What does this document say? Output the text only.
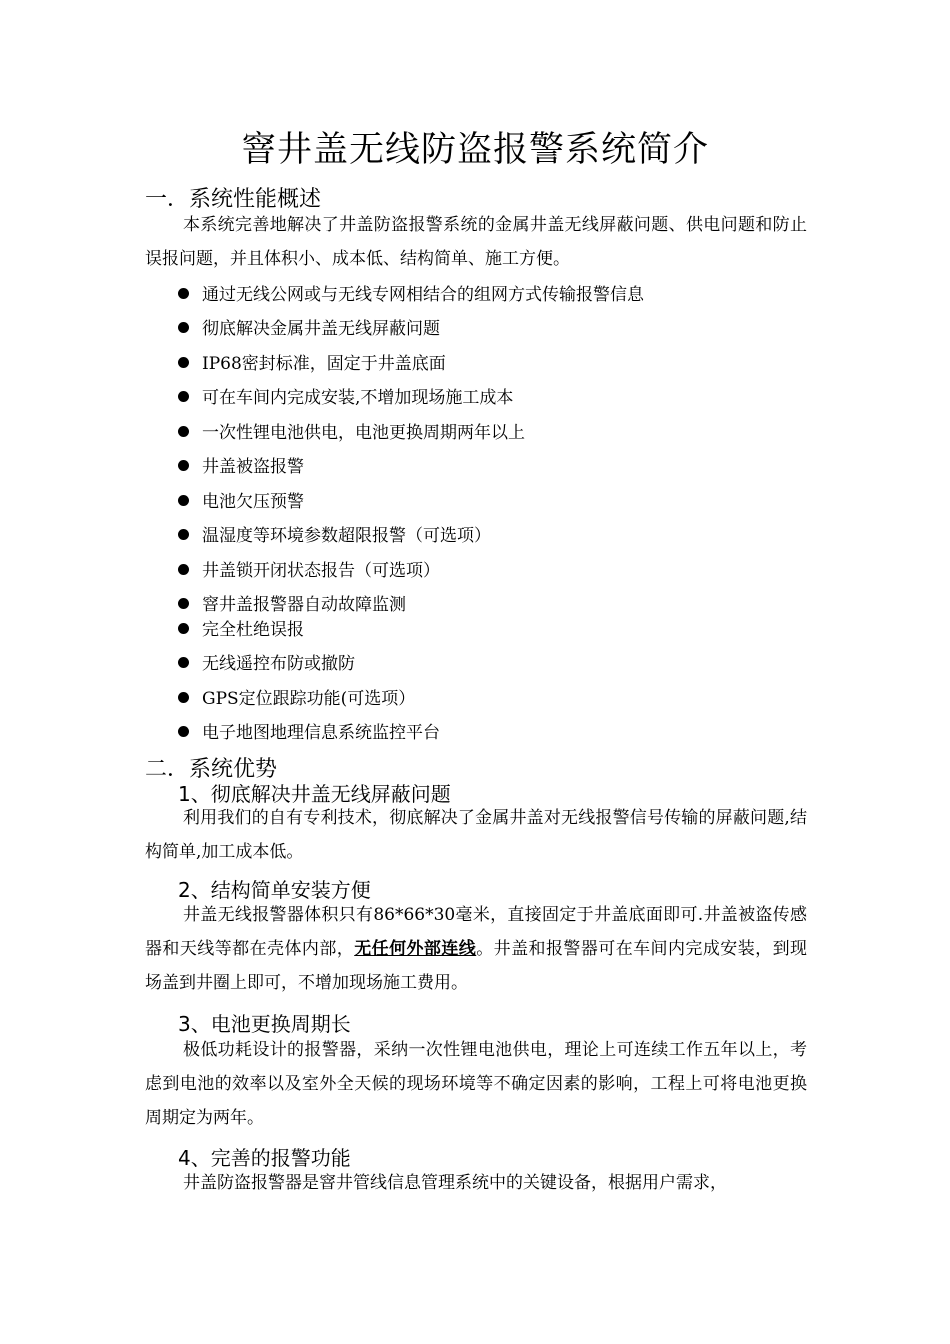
窨井盖无线防盗报警系统简介
一．系统性能概述
本系统完善地解决了井盖防盗报警系统的金属井盖无线屏蔽问题、供电问题和防止误报问题，并且体积小、成本低、结构简单、施工方便。
通过无线公网或与无线专网相结合的组网方式传输报警信息
彻底解决金属井盖无线屏蔽问题
IP68密封标准，固定于井盖底面
可在车间内完成安装,不增加现场施工成本
一次性锂电池供电，电池更换周期两年以上
井盖被盗报警
电池欠压预警
温湿度等环境参数超限报警（可选项）
井盖锁开闭状态报告（可选项）
窨井盖报警器自动故障监测
完全杜绝误报
无线遥控布防或撤防
GPS定位跟踪功能(可选项）
电子地图地理信息系统监控平台
二．系统优势
1、彻底解决井盖无线屏蔽问题
利用我们的自有专利技术，彻底解决了金属井盖对无线报警信号传输的屏蔽问题,结构简单,加工成本低。
2、结构简单安装方便
井盖无线报警器体积只有86*66*30毫米，直接固定于井盖底面即可.井盖被盗传感器和天线等都在壳体内部，无任何外部连线。井盖和报警器可在车间内完成安装，到现场盖到井圈上即可，不增加现场施工费用。
3、电池更换周期长
极低功耗设计的报警器，采纳一次性锂电池供电，理论上可连续工作五年以上，考虑到电池的效率以及室外全天候的现场环境等不确定因素的影响，工程上可将电池更换周期定为两年。
4、完善的报警功能
井盖防盗报警器是窨井管线信息管理系统中的关键设备，根据用户需求，
